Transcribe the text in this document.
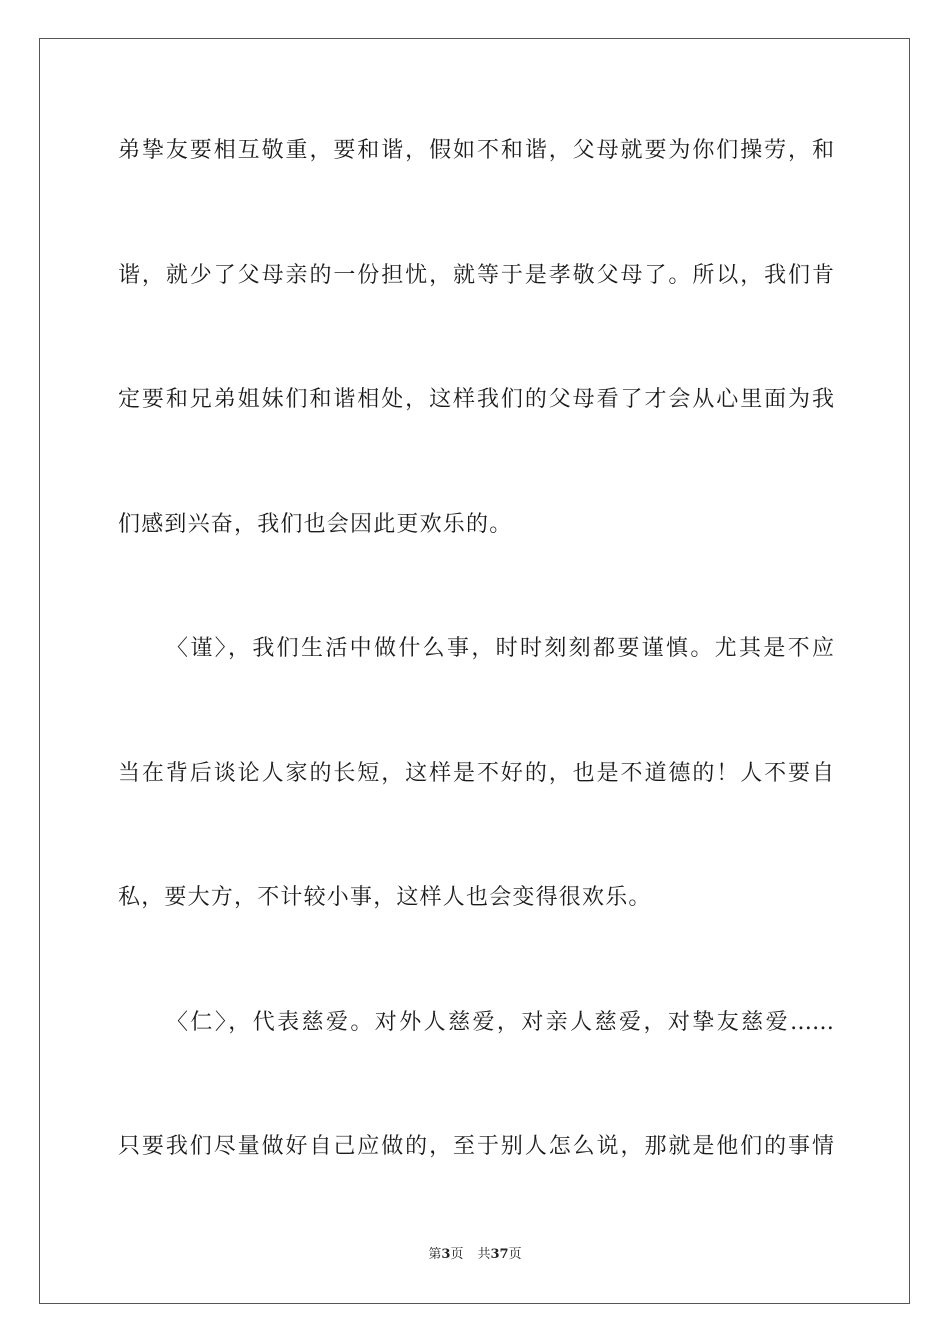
弟挚友要相互敬重，要和谐，假如不和谐，父母就要为你们操劳，和
谐，就少了父母亲的一份担忧，就等于是孝敬父母了。所以，我们肯
定要和兄弟姐妹们和谐相处，这样我们的父母看了才会从心里面为我
们感到兴奋，我们也会因此更欢乐的。
〈谨〉，我们生活中做什么事，时时刻刻都要谨慎。尤其是不应
当在背后谈论人家的长短，这样是不好的，也是不道德的！人不要自
私，要大方，不计较小事，这样人也会变得很欢乐。
〈仁〉，代表慈爱。对外人慈爱，对亲人慈爱，对挚友慈爱……
只要我们尽量做好自己应做的，至于别人怎么说，那就是他们的事情
第3页 共37页
